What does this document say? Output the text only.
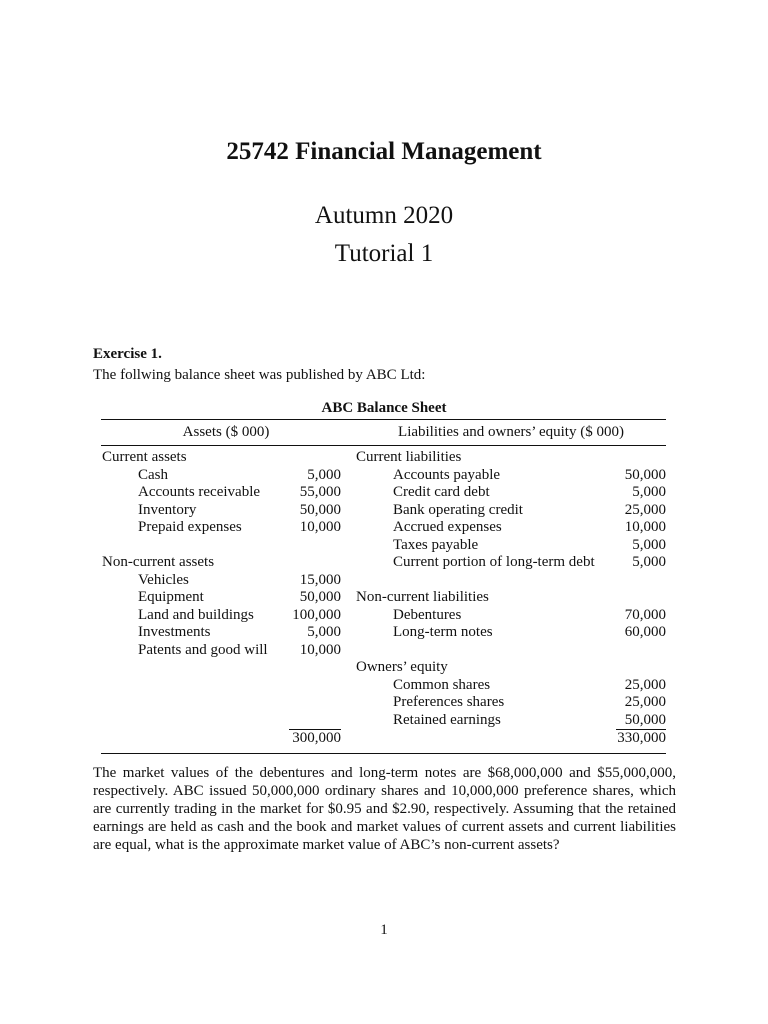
25742 Financial Management
Autumn 2020
Tutorial 1
Exercise 1.
The follwing balance sheet was published by ABC Ltd:
ABC Balance Sheet
Assets ($ 000)	Liabilities and owners’ equity ($ 000)
Current assets
Cash	5,000
Accounts receivable	55,000
Inventory	50,000
Prepaid expenses	10,000
Non-current assets
Vehicles	15,000
Equipment	50,000
Land and buildings	100,000
Investments	5,000
Patents and good will	10,000
300,000
Current liabilities
Accounts payable	50,000
Credit card debt	5,000
Bank operating credit	25,000
Accrued expenses	10,000
Taxes payable	5,000
Current portion of long-term debt	5,000
Non-current liabilities
Debentures	70,000
Long-term notes	60,000
Owners’ equity
Common shares	25,000
Preferences shares	25,000
Retained earnings	50,000
330,000

The market values of the debentures and long-term notes are $68,000,000 and $55,000,000, respectively. ABC issued 50,000,000 ordinary shares and 10,000,000 preference shares, which are currently trading in the market for $0.95 and $2.90, respectively. Assuming that the retained earnings are held as cash and the book and market values of current assets and current liabilities are equal, what is the approximate market value of ABC’s non-current assets?

1
